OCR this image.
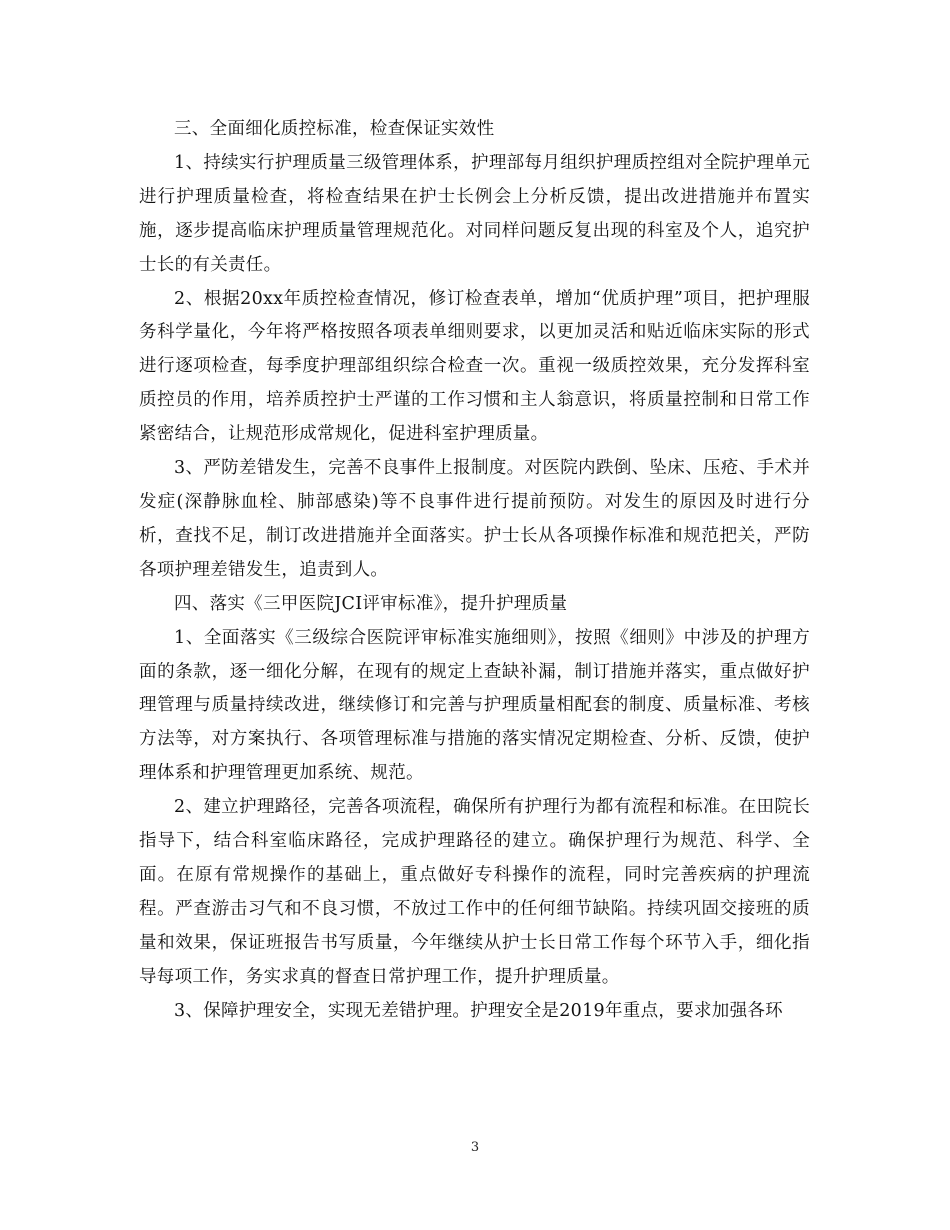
三、全面细化质控标准，检查保证实效性

1、持续实行护理质量三级管理体系，护理部每月组织护理质控组对全院护理单元进行护理质量检查，将检查结果在护士长例会上分析反馈，提出改进措施并布置实施，逐步提高临床护理质量管理规范化。对同样问题反复出现的科室及个人，追究护士长的有关责任。

2、根据20xx年质控检查情况，修订检查表单，增加“优质护理”项目，把护理服务科学量化，今年将严格按照各项表单细则要求，以更加灵活和贴近临床实际的形式进行逐项检查，每季度护理部组织综合检查一次。重视一级质控效果，充分发挥科室质控员的作用，培养质控护士严谨的工作习惯和主人翁意识，将质量控制和日常工作紧密结合，让规范形成常规化，促进科室护理质量。

3、严防差错发生，完善不良事件上报制度。对医院内跌倒、坠床、压疮、手术并发症(深静脉血栓、肺部感染)等不良事件进行提前预防。对发生的原因及时进行分析，查找不足，制订改进措施并全面落实。护士长从各项操作标准和规范把关，严防各项护理差错发生，追责到人。

四、落实《三甲医院JCI评审标准》，提升护理质量

1、全面落实《三级综合医院评审标准实施细则》，按照《细则》中涉及的护理方面的条款，逐一细化分解，在现有的规定上查缺补漏，制订措施并落实，重点做好护理管理与质量持续改进，继续修订和完善与护理质量相配套的制度、质量标准、考核方法等，对方案执行、各项管理标准与措施的落实情况定期检查、分析、反馈，使护理体系和护理管理更加系统、规范。

2、建立护理路径，完善各项流程，确保所有护理行为都有流程和标准。在田院长指导下，结合科室临床路径，完成护理路径的建立。确保护理行为规范、科学、全面。在原有常规操作的基础上，重点做好专科操作的流程，同时完善疾病的护理流程。严查游击习气和不良习惯，不放过工作中的任何细节缺陷。持续巩固交接班的质量和效果，保证班报告书写质量，今年继续从护士长日常工作每个环节入手，细化指导每项工作，务实求真的督查日常护理工作，提升护理质量。

3、保障护理安全，实现无差错护理。护理安全是2019年重点，要求加强各环

3
